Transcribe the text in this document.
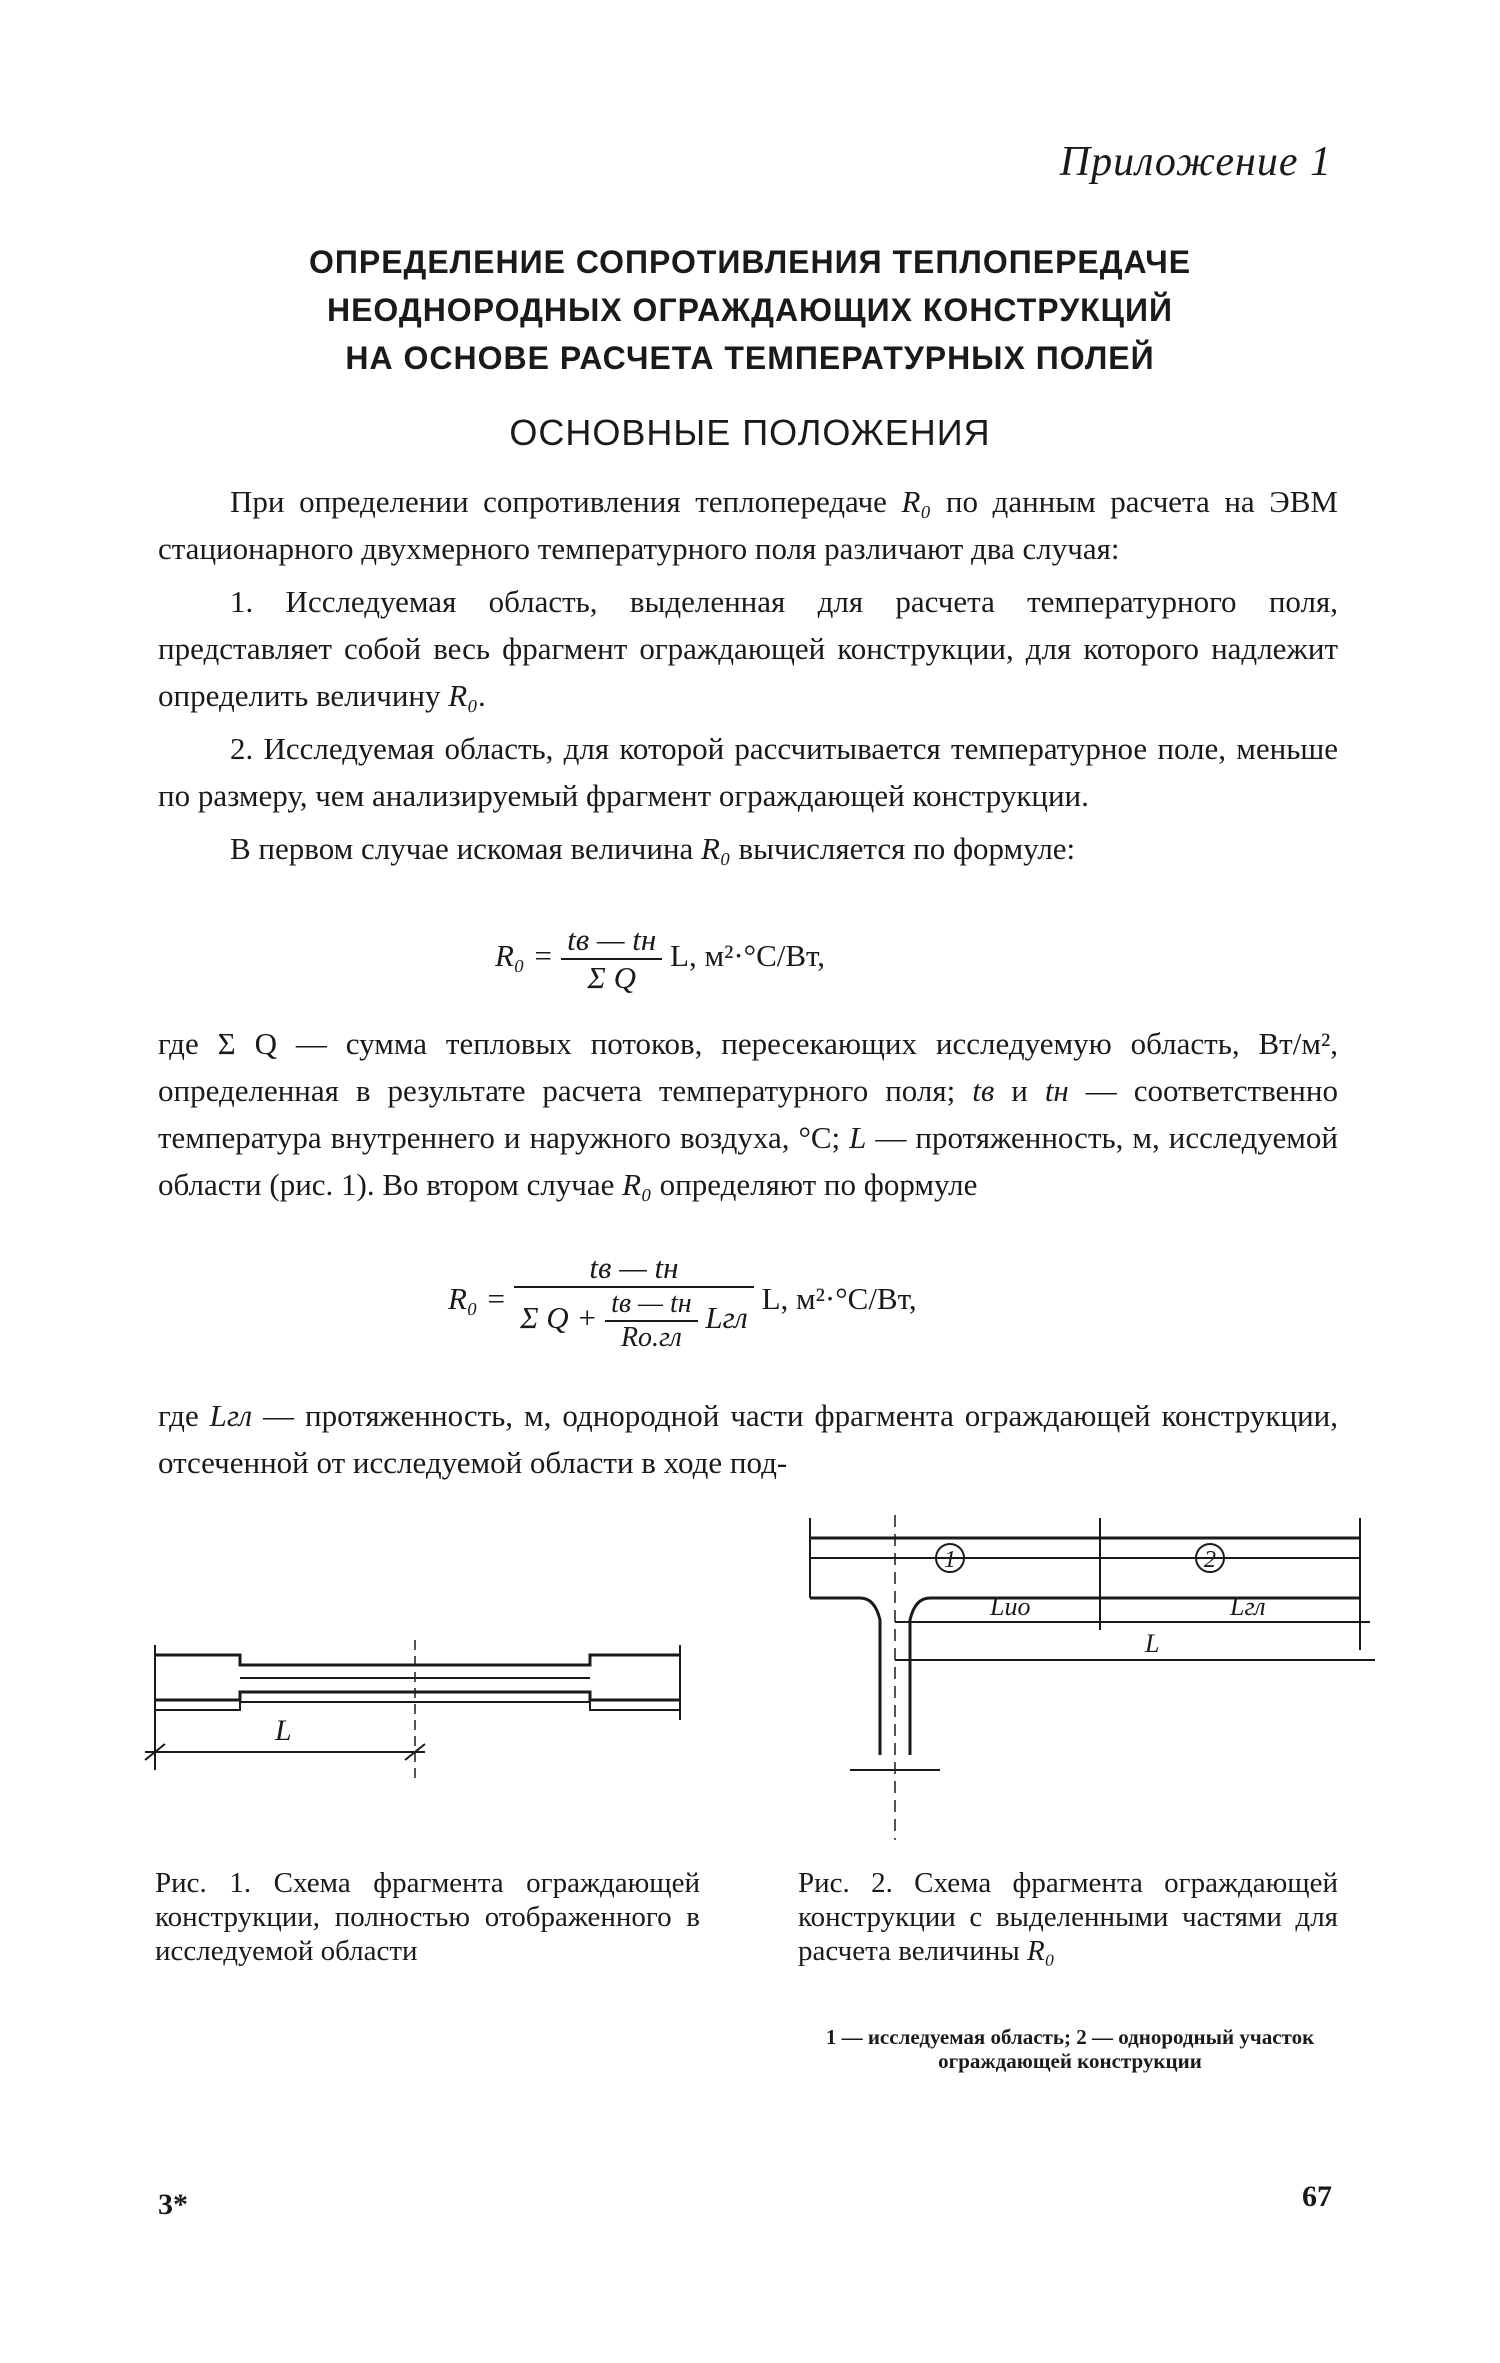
Приложение 1
ОПРЕДЕЛЕНИЕ СОПРОТИВЛЕНИЯ ТЕПЛОПЕРЕДАЧЕ
НЕОДНОРОДНЫХ ОГРАЖДАЮЩИХ КОНСТРУКЦИЙ
НА ОСНОВЕ РАСЧЕТА ТЕМПЕРАТУРНЫХ ПОЛЕЙ
ОСНОВНЫЕ ПОЛОЖЕНИЯ

При определении сопротивления теплопередаче R₀ по данным расчета на ЭВМ стационарного двухмерного температурного поля различают два случая:

1. Исследуемая область, выделенная для расчета температурного поля, представляет собой весь фрагмент ограждающей конструкции, для которого надлежит определить величину R₀.

2. Исследуемая область, для которой рассчитывается температурное поле, меньше по размеру, чем анализируемый фрагмент ограждающей конструкции.

В первом случае искомая величина R₀ вычисляется по формуле:

$R_0 = \frac{tв — tн}{\text{Σ Q}} L$, м²·°С/Вт,

где Σ Q — сумма тепловых потоков, пересекающих исследуемую область, Вт/м², определенная в результате расчета температурного поля; tв и tн — соответственно температура внутреннего и наружного воздуха, °С; L — протяженность, м, исследуемой области (рис. 1). Во втором случае R₀ определяют по формуле

$R_0 = \frac{tв — tн}{\Sigma Q + \frac{tв — tн}{Rо.гл} Lгл} L$, м²·°С/Вт,

где Lгл — протяженность, м, однородной части фрагмента ограждающей конструкции, отсеченной от исследуемой области в ходе под-

L
Рис. 1. Схема фрагмента ограждающей конструкции, полностью отображенного в исследуемой области
1	2
Lио	Lгл
L
Рис. 2. Схема фрагмента ограждающей конструкции с выделенными частями для расчета величины R₀
1 — исследуемая область; 2 — однородный участок ограждающей конструкции
3*	67
